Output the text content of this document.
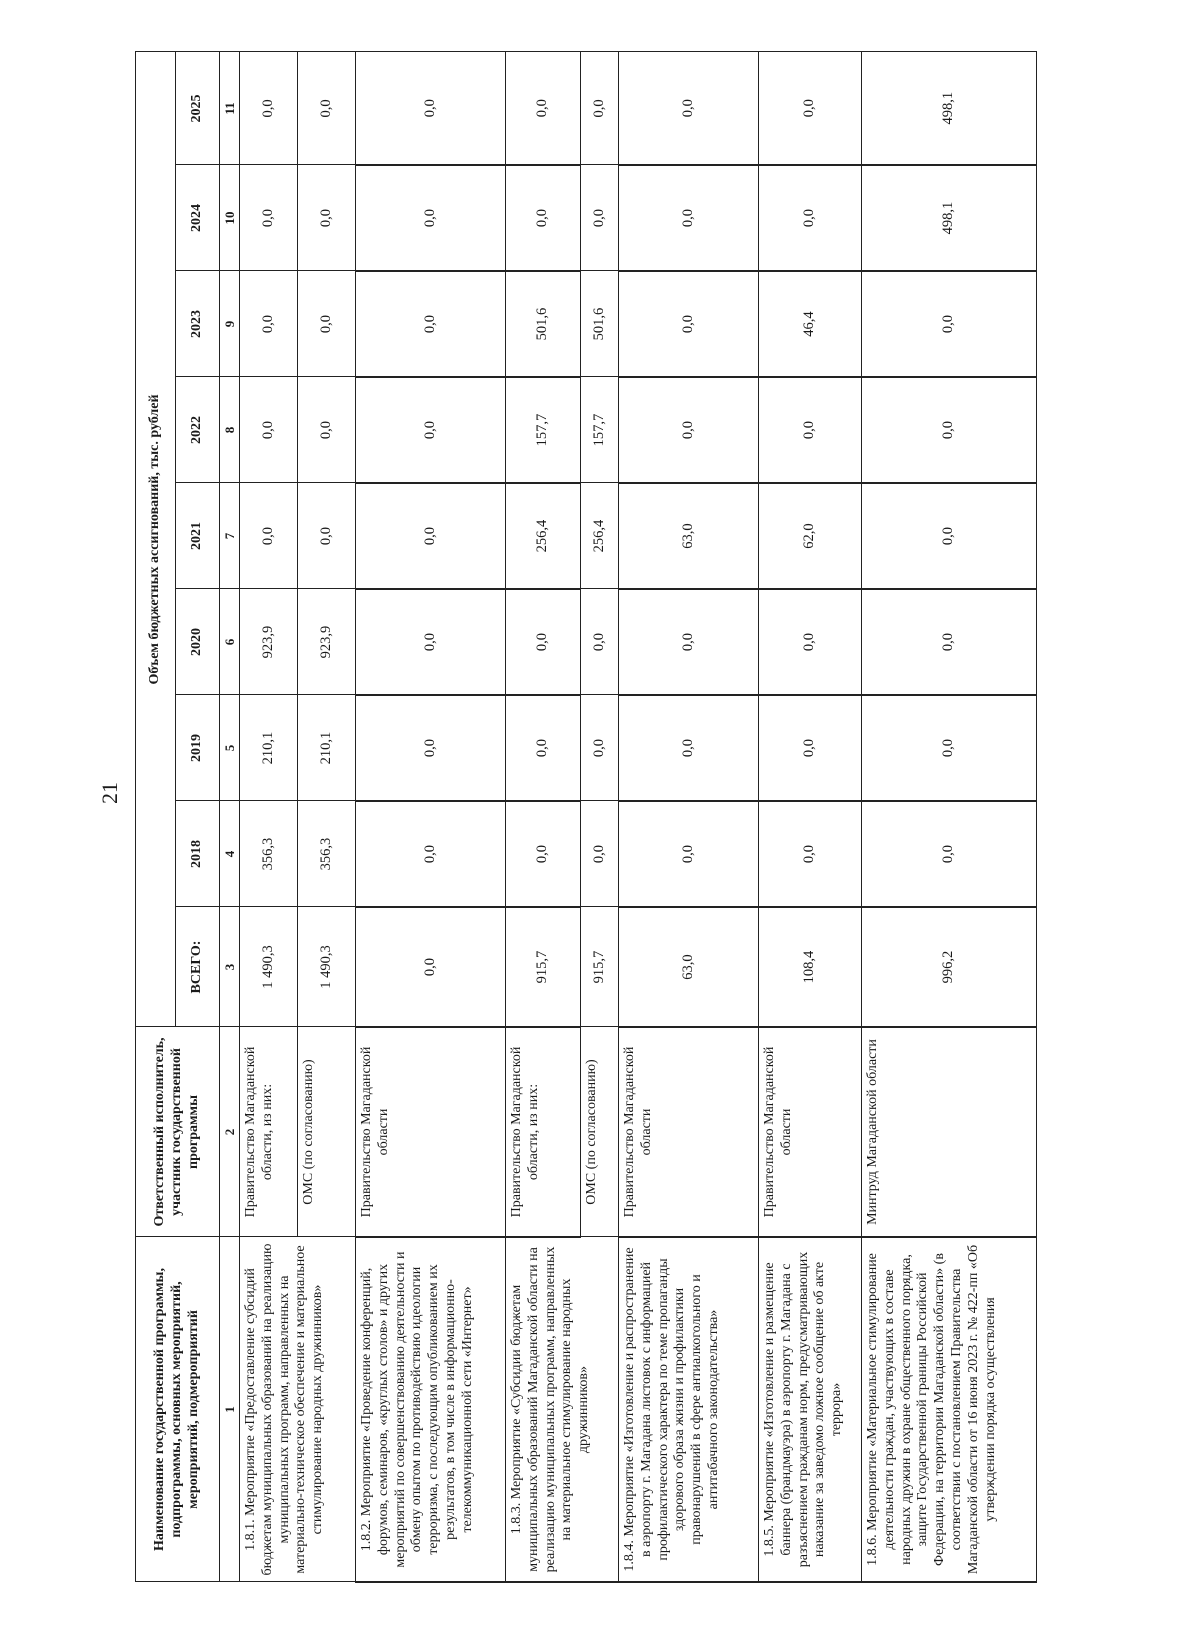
21
Наименование государственной программы, подпрограммы, основных мероприятий, мероприятий, подмероприятий	Ответственный исполнитель, участник государственной программы	Объем бюджетных ассигнований, тыс. рублей								
		ВСЕГО:	2018	2019	2020	2021	2022	2023	2024	2025
1	2	3	4	5	6	7	8	9	10	11
1.8.1. Мероприятие «Предоставление субсидий бюджетам муниципальных образований на реализацию муниципальных программ, направленных на материально-техническое обеспечение и материальное стимулирование народных дружинников»	Правительство Магаданской области, из них:	1 490,3	356,3	210,1	923,9	0,0	0,0	0,0	0,0	0,0
	ОМС (по согласованию)	1 490,3	356,3	210,1	923,9	0,0	0,0	0,0	0,0	0,0
1.8.2. Мероприятие «Проведение конференций, форумов, семинаров, «круглых столов» и других мероприятий по совершенствованию деятельности и обмену опытом по противодействию идеологии терроризма, с последующим опубликованием их результатов, в том числе в информационно-телекоммуникационной сети «Интернет»	Правительство Магаданской области	0,0	0,0	0,0	0,0	0,0	0,0	0,0	0,0	0,0
1.8.3. Мероприятие «Субсидии бюджетам муниципальных образований Магаданской области на реализацию муниципальных программ, направленных на материальное стимулирование народных дружинников»	Правительство Магаданской области, из них:	915,7	0,0	0,0	0,0	256,4	157,7	501,6	0,0	0,0
	ОМС (по согласованию)	915,7	0,0	0,0	0,0	256,4	157,7	501,6	0,0	0,0
1.8.4. Мероприятие «Изготовление и распространение в аэропорту г. Магадана листовок с информацией профилактического характера по теме пропаганды здорового образа жизни и профилактики правонарушений в сфере антиалкогольного и антитабачного законодательства»	Правительство Магаданской области	63,0	0,0	0,0	0,0	63,0	0,0	0,0	0,0	0,0
1.8.5. Мероприятие «Изготовление и размещение баннера (брандмауэра) в аэропорту г. Магадана с разъяснением гражданам норм, предусматривающих наказание за заведомо ложное сообщение об акте террора»	Правительство Магаданской области	108,4	0,0	0,0	0,0	62,0	0,0	46,4	0,0	0,0
1.8.6. Мероприятие «Материальное стимулирование деятельности граждан, участвующих в составе народных дружин в охране общественного порядка, защите Государственной границы Российской Федерации, на территории Магаданской области» (в соответствии с постановлением Правительства Магаданской области от 16 июня 2023 г. № 422-пп «Об утверждении порядка осуществления	Минтруд Магаданской области	996,2	0,0	0,0	0,0	0,0	0,0	0,0	498,1	498,1
